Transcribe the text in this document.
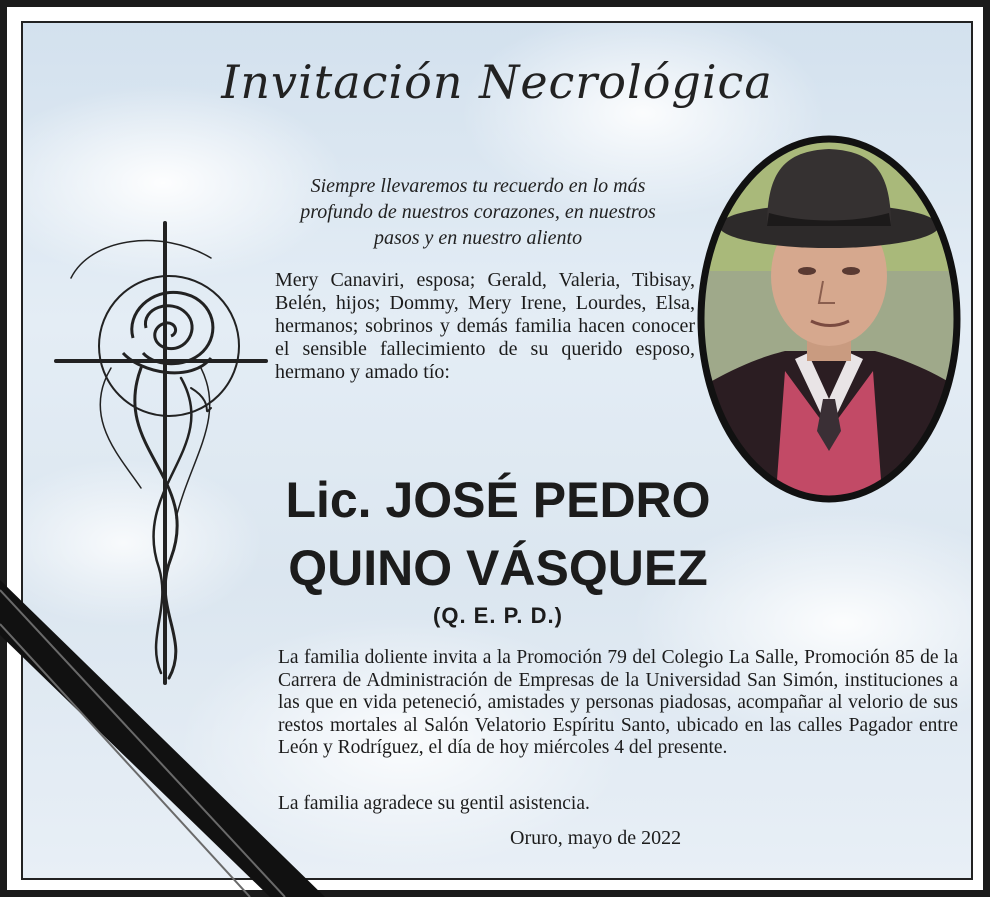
Invitación Necrológica
Siempre llevaremos tu recuerdo en lo más profundo de nuestros corazones, en nuestros pasos y en nuestro aliento
Mery Canaviri, esposa; Gerald, Valeria, Tibisay, Belén, hijos; Dommy, Mery Irene, Lourdes, Elsa, hermanos; sobrinos y demás familia hacen conocer el sensible fallecimiento de su querido esposo, hermano y amado tío:
Lic. JOSÉ PEDRO
QUINO VÁSQUEZ
(Q. E. P. D.)
La familia doliente invita a la Promoción 79 del Colegio La Salle, Promoción 85 de la Carrera de Administración de Empresas de la Universidad San Simón, instituciones a las que en vida peteneció, amistades y personas piadosas, acompañar al velorio de sus restos mortales al Salón Velatorio Espíritu Santo, ubicado en las calles Pagador entre León y Rodríguez, el día de hoy miércoles 4 del presente.
La familia agradece su gentil asistencia.
Oruro, mayo de 2022
